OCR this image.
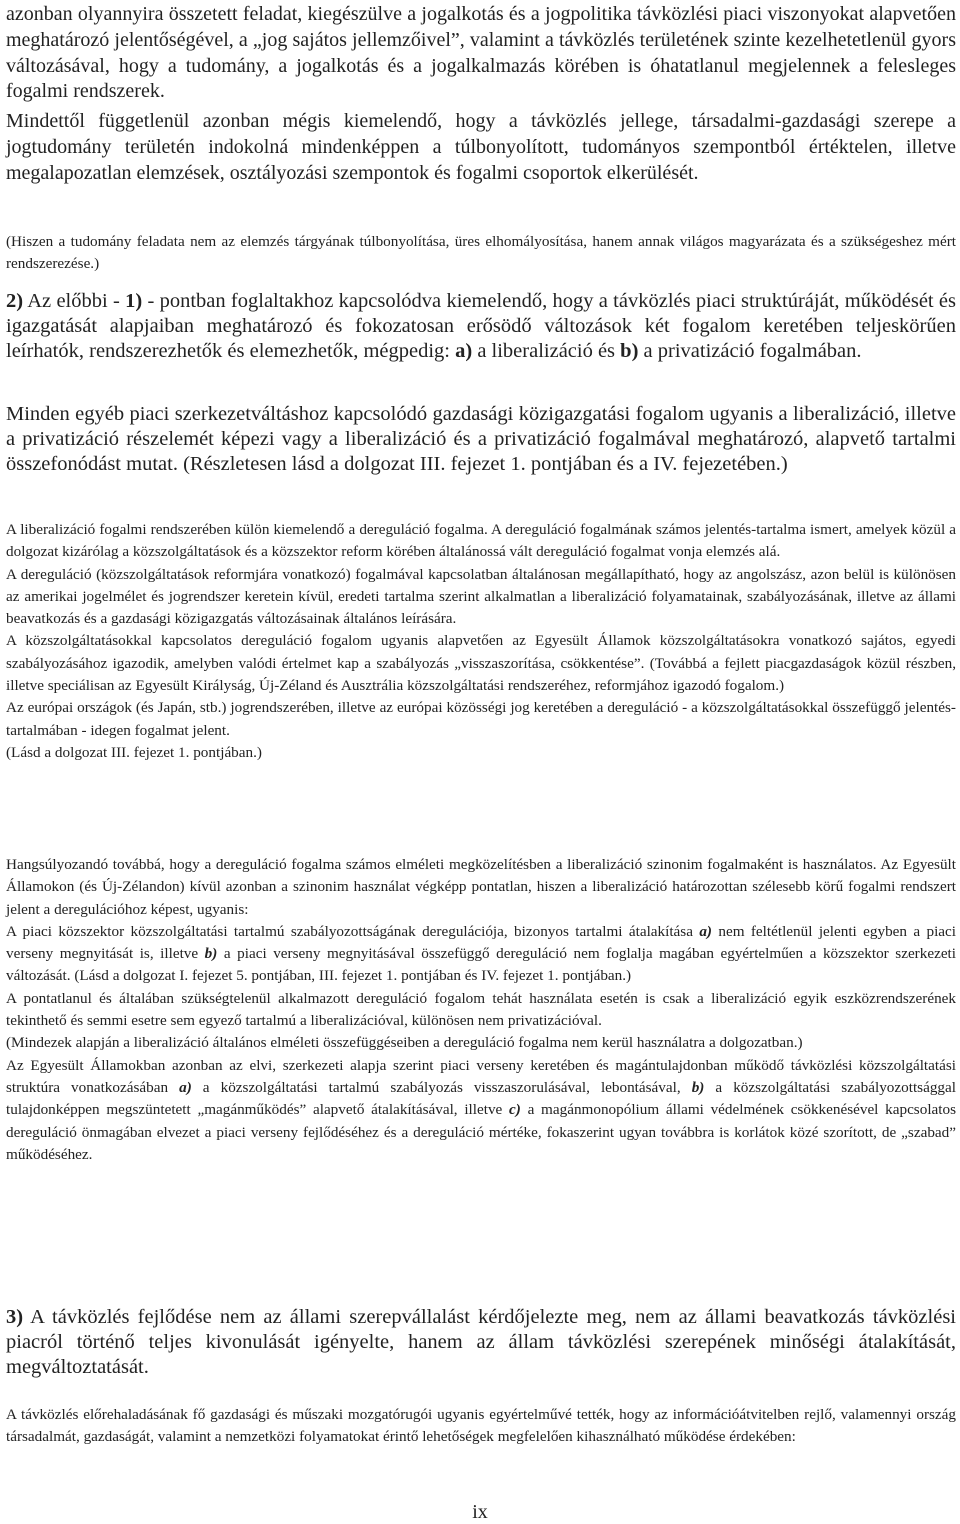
azonban olyannyira összetett feladat, kiegészülve a jogalkotás és a jogpolitika távközlési piaci viszonyokat alapvetően meghatározó jelentőségével, a „jog sajátos jellemzőivel”, valamint a távközlés területének szinte kezelhetetlenül gyors változásával, hogy a tudomány, a jogalkotás és a jogalkalmazás körében is óhatatlanul megjelennek a felesleges fogalmi rendszerek.

Mindettől függetlenül azonban mégis kiemelendő, hogy a távközlés jellege, társadalmi-gazdasági szerepe a jogtudomány területén indokolná mindenképpen a túlbonyolított, tudományos szempontból értéktelen, illetve megalapozatlan elemzések, osztályozási szempontok és fogalmi csoportok elkerülését.

(Hiszen a tudomány feladata nem az elemzés tárgyának túlbonyolítása, üres elhomályosítása, hanem annak világos magyarázata és a szükségeshez mért rendszerezése.)

2) Az előbbi - 1) - pontban foglaltakhoz kapcsolódva kiemelendő, hogy a távközlés piaci struktúráját, működését és igazgatását alapjaiban meghatározó és fokozatosan erősödő változások két fogalom keretében teljeskörűen leírhatók, rendszerezhetők és elemezhetők, mégpedig: a) a liberalizáció és b) a privatizáció fogalmában.

Minden egyéb piaci szerkezetváltáshoz kapcsolódó gazdasági közigazgatási fogalom ugyanis a liberalizáció, illetve a privatizáció részelemét képezi vagy a liberalizáció és a privatizáció fogalmával meghatározó, alapvető tartalmi összefonódást mutat. (Részletesen lásd a dolgozat III. fejezet 1. pontjában és a IV. fejezetében.)

A liberalizáció fogalmi rendszerében külön kiemelendő a dereguláció fogalma. A dereguláció fogalmának számos jelentés-tartalma ismert, amelyek közül a dolgozat kizárólag a közszolgáltatások és a közszektor reform körében általánossá vált dereguláció fogalmat vonja elemzés alá.

A dereguláció (közszolgáltatások reformjára vonatkozó) fogalmával kapcsolatban általánosan megállapítható, hogy az angolszász, azon belül is különösen az amerikai jogelmélet és jogrendszer keretein kívül, eredeti tartalma szerint alkalmatlan a liberalizáció folyamatainak, szabályozásának, illetve az állami beavatkozás és a gazdasági közigazgatás változásainak általános leírására.

A közszolgáltatásokkal kapcsolatos dereguláció fogalom ugyanis alapvetően az Egyesült Államok közszolgáltatásokra vonatkozó sajátos, egyedi szabályozásához igazodik, amelyben valódi értelmet kap a szabályozás „visszaszorítása, csökkentése”. (Továbbá a fejlett piacgazdaságok közül részben, illetve speciálisan az Egyesült Királyság, Új-Zéland és Ausztrália közszolgáltatási rendszeréhez, reformjához igazodó fogalom.)

Az európai országok (és Japán, stb.) jogrendszerében, illetve az európai közösségi jog keretében a dereguláció - a közszolgáltatásokkal összefüggő jelentés-tartalmában - idegen fogalmat jelent.

(Lásd a dolgozat III. fejezet 1. pontjában.)

Hangsúlyozandó továbbá, hogy a dereguláció fogalma számos elméleti megközelítésben a liberalizáció szinonim fogalmaként is használatos. Az Egyesült Államokon (és Új-Zélandon) kívül azonban a szinonim használat végképp pontatlan, hiszen a liberalizáció határozottan szélesebb körű fogalmi rendszert jelent a deregulációhoz képest, ugyanis:

A piaci közszektor közszolgáltatási tartalmú szabályozottságának deregulációja, bizonyos tartalmi átalakítása a) nem feltétlenül jelenti egyben a piaci verseny megnyitását is, illetve b) a piaci verseny megnyitásával összefüggő dereguláció nem foglalja magában egyértelműen a közszektor szerkezeti változását. (Lásd a dolgozat I. fejezet 5. pontjában, III. fejezet 1. pontjában és IV. fejezet 1. pontjában.)

A pontatlanul és általában szükségtelenül alkalmazott dereguláció fogalom tehát használata esetén is csak a liberalizáció egyik eszközrendszerének tekinthető és semmi esetre sem egyező tartalmú a liberalizációval, különösen nem privatizációval.

(Mindezek alapján a liberalizáció általános elméleti összefüggéseiben a dereguláció fogalma nem kerül használatra a dolgozatban.)

Az Egyesült Államokban azonban az elvi, szerkezeti alapja szerint piaci verseny keretében és magántulajdonban működő távközlési közszolgáltatási struktúra vonatkozásában a) a közszolgáltatási tartalmú szabályozás visszaszorulásával, lebontásával, b) a közszolgáltatási szabályozottsággal tulajdonképpen megszüntetett „magánműködés” alapvető átalakításával, illetve c) a magánmonopólium állami védelmének csökkenésével kapcsolatos dereguláció önmagában elvezet a piaci verseny fejlődéséhez és a dereguláció mértéke, fokaszerint ugyan továbbra is korlátok közé szorított, de „szabad” működéséhez.

3) A távközlés fejlődése nem az állami szerepvállalást kérdőjelezte meg, nem az állami beavatkozás távközlési piacról történő teljes kivonulását igényelte, hanem az állam távközlési szerepének minőségi átalakítását, megváltoztatását.

A távközlés előrehaladásának fő gazdasági és műszaki mozgatórugói ugyanis egyértelművé tették, hogy az információátvitelben rejlő, valamennyi ország társadalmát, gazdaságát, valamint a nemzetközi folyamatokat érintő lehetőségek megfelelően kihasználható működése érdekében:

ix
